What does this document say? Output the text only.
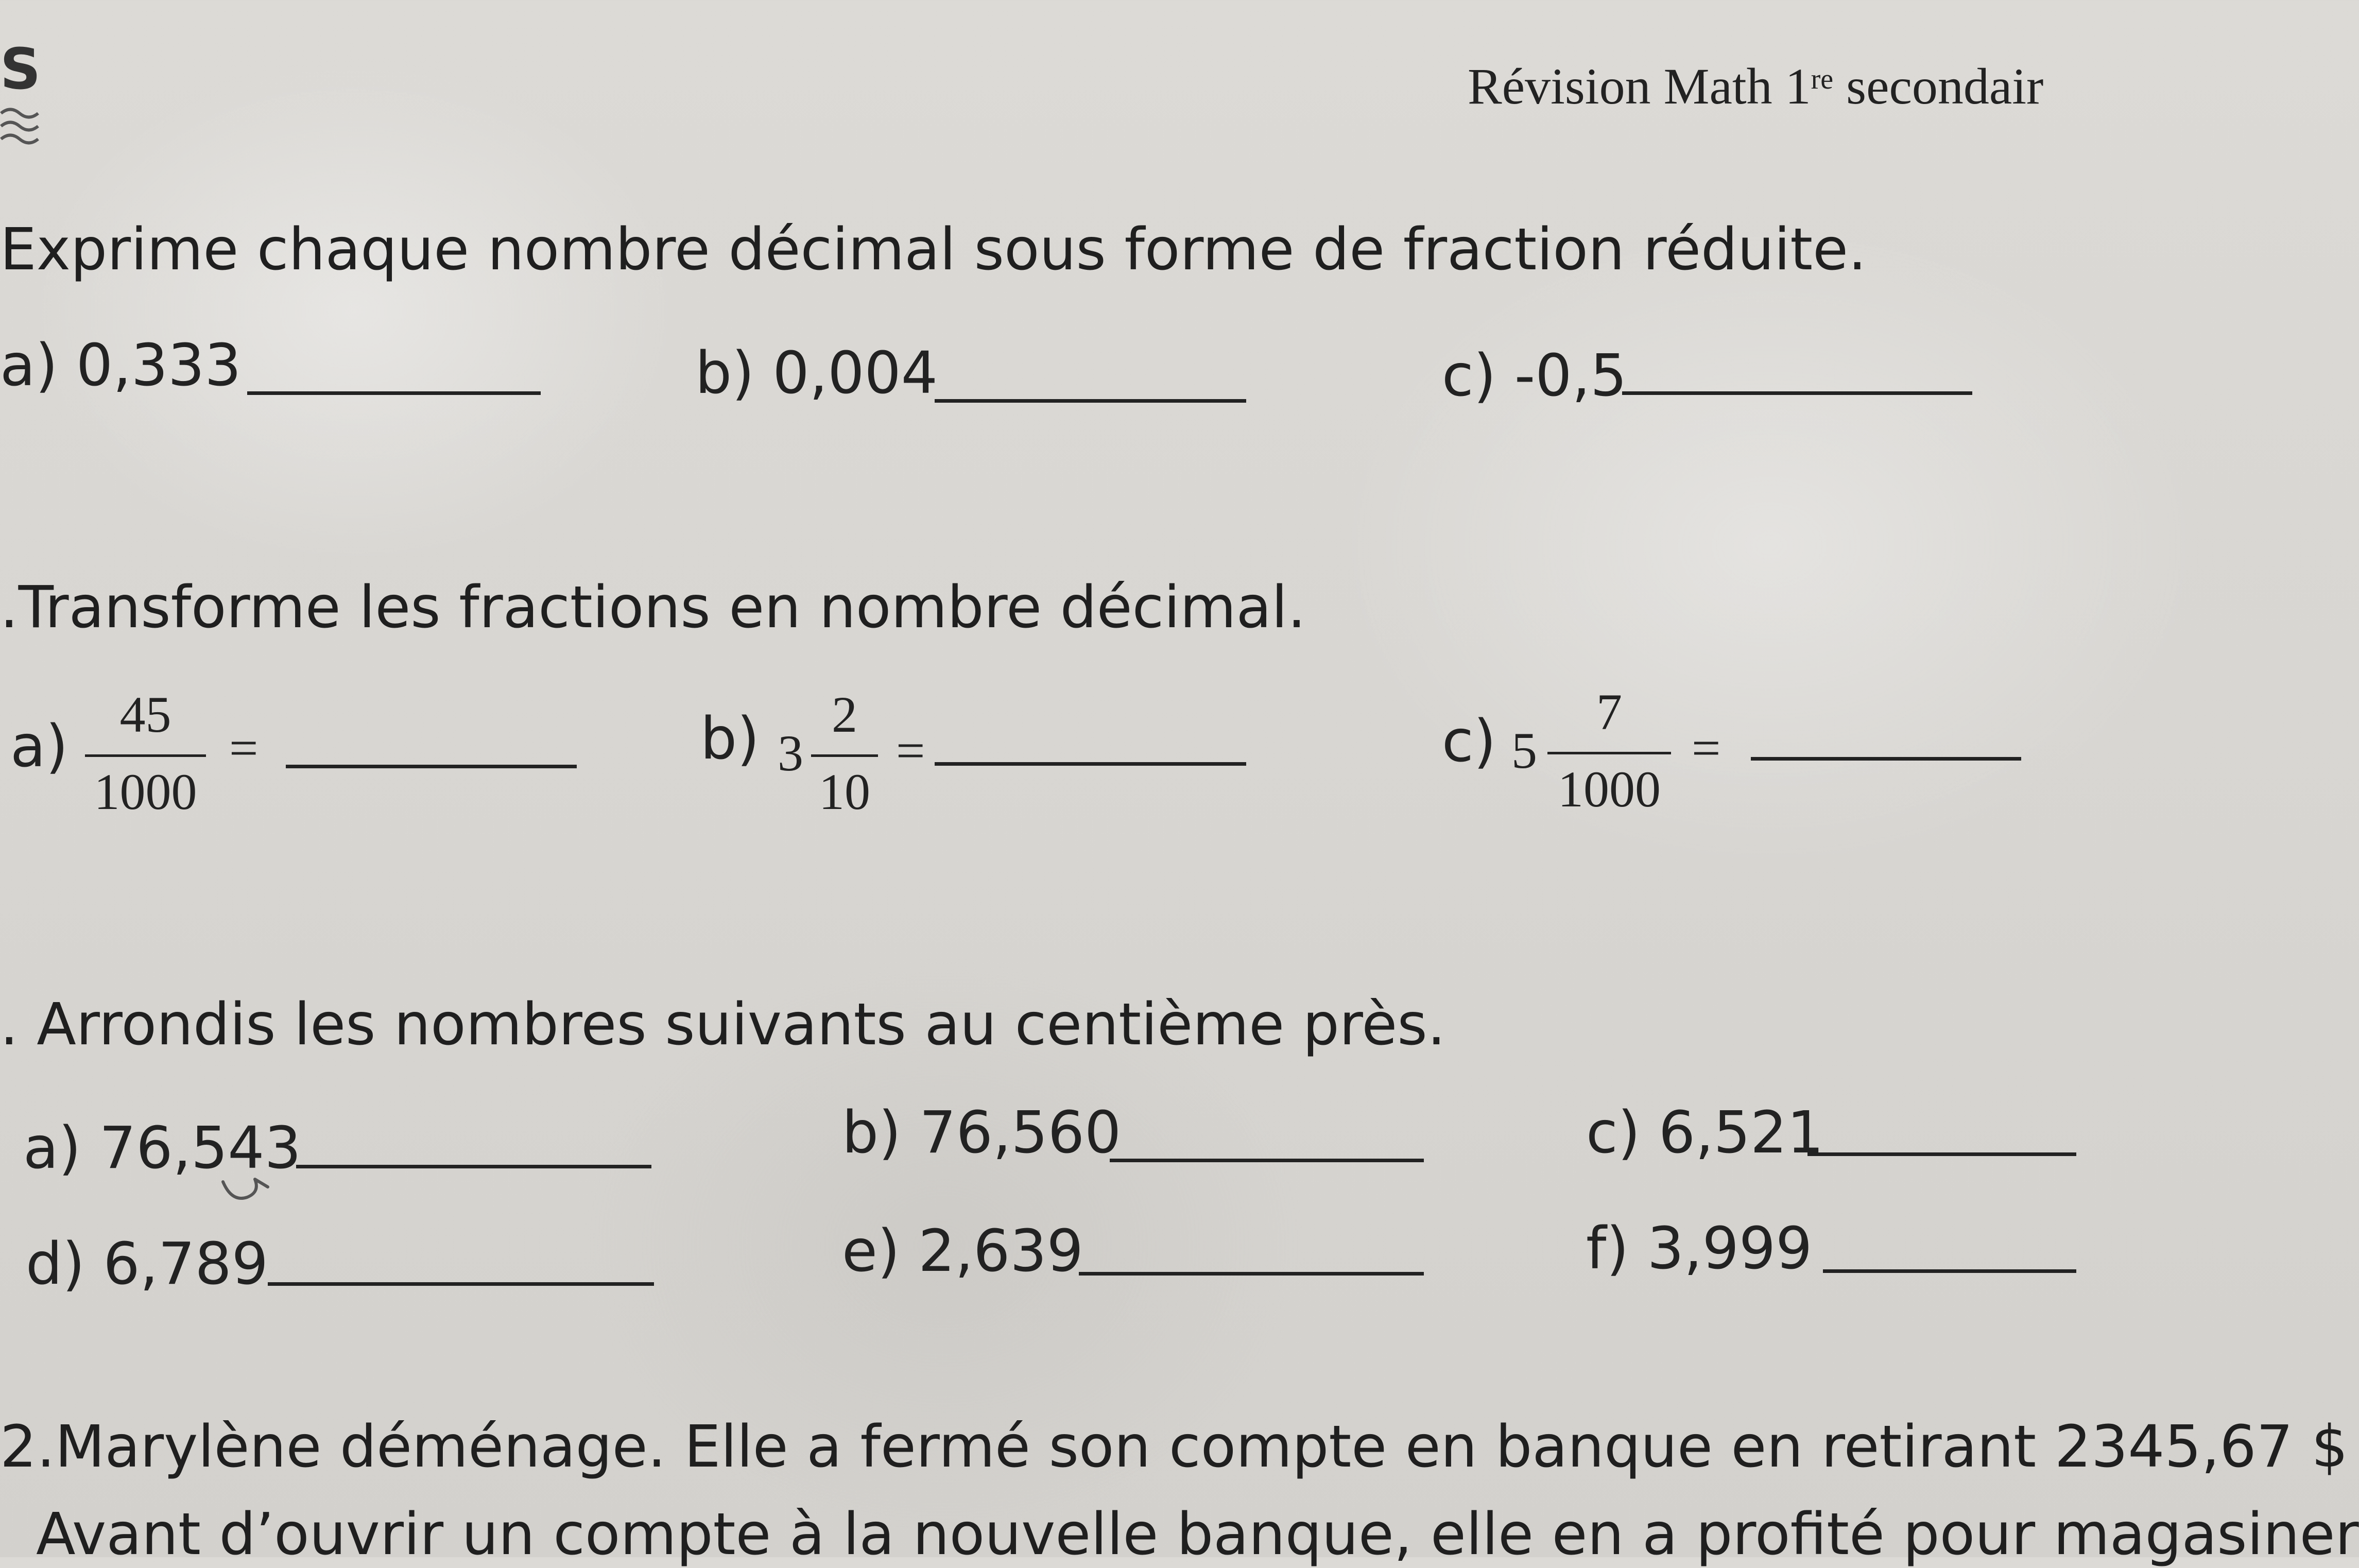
S	Révision Math 1re secondair
Exprime chaque nombre décimal sous forme de fraction réduite.
a) 0,333	b) 0,004	c) -0,5
.Transforme les fractions en nombre décimal.
a)	45
1000
=	b) 3
2
10
=	c) 5
7
1000
=
. Arrondis les nombres suivants au centième près.
a) 76,543	b) 76,560	c) 6,521
d) 6,789	e) 2,639	f) 3,999
2.Marylène déménage. Elle a fermé son compte en banque en retirant 2345,67 $
Avant d’ouvrir un compte à la nouvelle banque, elle en a profité pour magasiner
